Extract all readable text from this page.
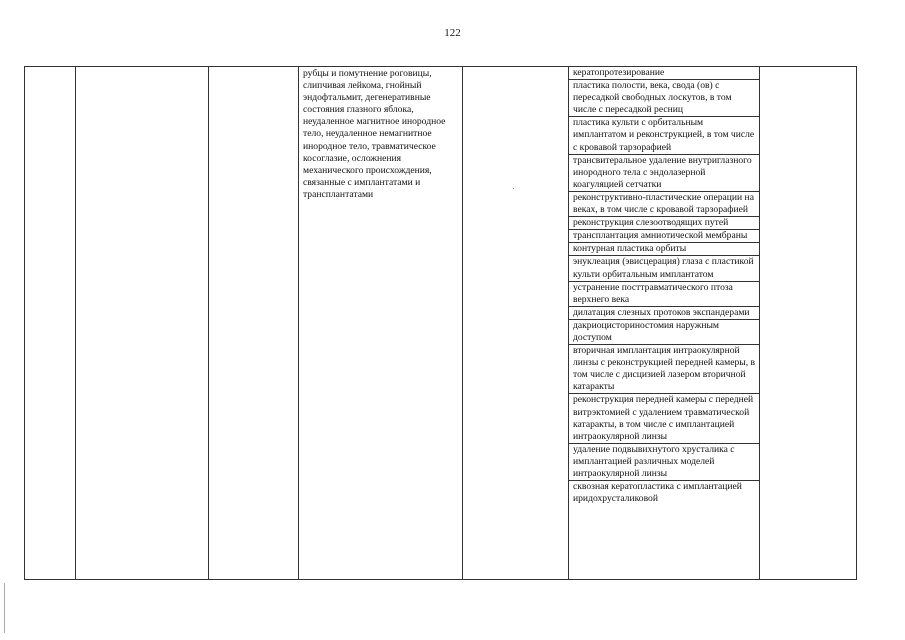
122

рубцы и помутнение роговицы, слипчивая лейкома, гнойный эндофтальмит, дегенеративные состояния глазного яблока, неудаленное магнитное инородное тело, неудаленное немагнитное инородное тело, травматическое косоглазие, осложнения механического происхождения, связанные с имплантатами и трансплантатами

кератопротезирование
пластика полости, века, свода (ов) с пересадкой свободных лоскутов, в том числе с пересадкой ресниц
пластика культи с орбитальным имплантатом и реконструкцией, в том числе с кровавой тарзорафией
трансвитеральное удаление внутриглазного инородного тела с эндолазерной коагуляцией сетчатки
реконструктивно-пластические операции на веках, в том числе с кровавой тарзорафией
реконструкция слезоотводящих путей
трансплантация амниотической мембраны
контурная пластика орбиты
энуклеация (эвисцерация) глаза с пластикой культи орбитальным имплантатом
устранение посттравматического птоза верхнего века
дилатация слезных протоков экспандерами
дакриоцисториностомия наружным доступом
вторичная имплантация интраокулярной линзы с реконструкцией передней камеры, в том числе с дисцизией лазером вторичной катаракты
реконструкция передней камеры с передней витрэктомией с удалением травматической катаракты, в том числе с имплантацией интраокулярной линзы
удаление подвывихнутого хрусталика с имплантацией различных моделей интраокулярной линзы
сквозная кератопластика с имплантацией иридохрусталиковой
